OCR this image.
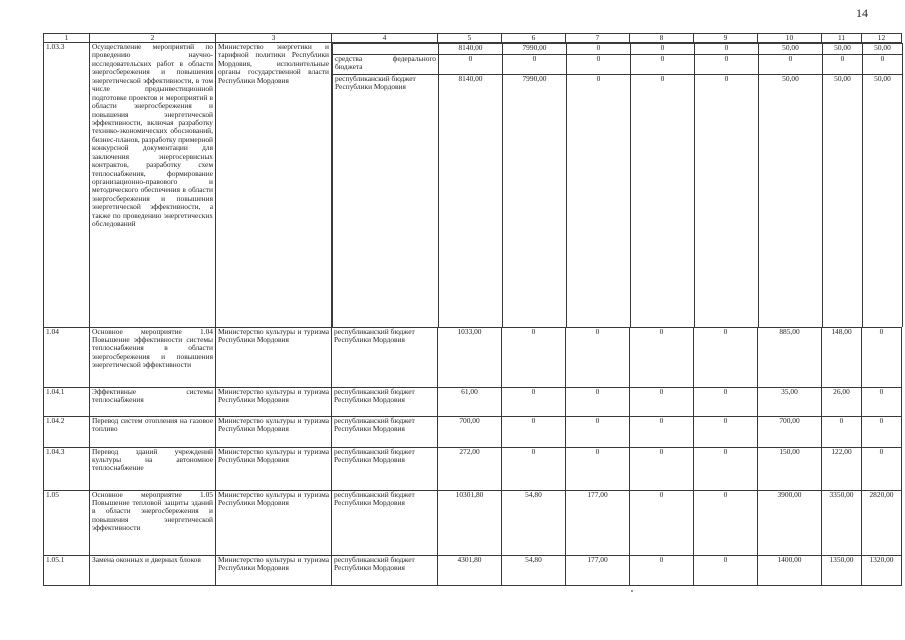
14
1	2	3	4	5	6	7	8	9	10	11	12
1.03.3	Осуществление мероприятий по проведению научно-исследовательских работ в области энергосбережения и повышения энергетической эффективности, в том числе предынвестиционной подготовке проектов и мероприятий в области энергосбережения и повышения энергетической эффективности, включая разработку технико-экономических обоснований, бизнес-планов, разработку примерной конкурсной документации для заключения энергосервисных контрактов, разработку схем теплоснабжения, формирование организационно-правового и методического обеспечения в области энергосбережения и повышения энергетической эффективности, а также по проведению энергетических обследований	Министерство энергетики и тарифной политики Республики Мордовия, исполнительные органы государственной власти Республики Мордовия	
	8140,00	7990,00	0	0	0	50,00	50,00	50,00
средства федерального бюджета	0	0	0	0	0	0	0	0
республиканский бюджет Республики Мордовия	8140,00	7990,00	0	0	0	50,00	50,00	50,00

1.04	Основное мероприятие 1.04 Повышение эффективности системы теплоснабжения в области энергосбережения и повышения энергетической эффективности	Министерство культуры и туризма Республики Мордовия	республиканский бюджет Республики Мордовия	1033,00	0	0	0	0	885,00	148,00	0
1.04.1	Эффективные системы теплоснабжения	Министерство культуры и туризма Республики Мордовия	республиканский бюджет Республики Мордовия	61,00	0	0	0	0	35,00	26,00	0
1.04.2	Перевод систем отопления на газовое топливо	Министерство культуры и туризма Республики Мордовия	республиканский бюджет Республики Мордовия	700,00	0	0	0	0	700,00	0	0
1.04.3	Перевод зданий учреждений культуры на автономное теплоснабжение	Министерство культуры и туризма Республики Мордовия	республиканский бюджет Республики Мордовия	272,00	0	0	0	0	150,00	122,00	0
1.05	Основное мероприятие 1.05 Повышение тепловой защиты зданий в области энергосбережения и повышения энергетической эффективности	Министерство культуры и туризма Республики Мордовия	республиканский бюджет Республики Мордовия	10301,80	54,80	177,00	0	0	3900,00	3350,00	2820,00
1.05.1	Замена оконных и дверных блоков	Министерство культуры и туризма Республики Мордовия	республиканский бюджет Республики Мордовия	4301,80	54,80	177,00	0	0	1400,00	1350,00	1320,00
